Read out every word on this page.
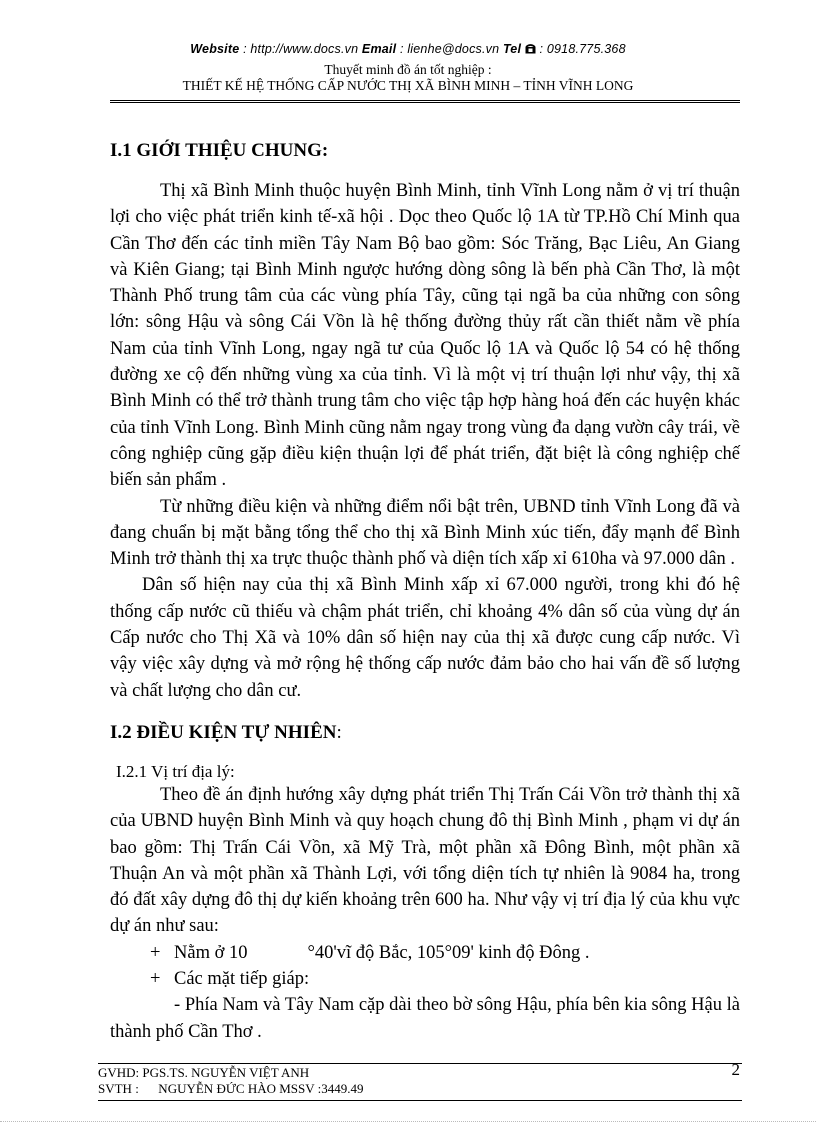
Website : http://www.docs.vn Email : lienhe@docs.vn Tel : 0918.775.368
Thuyết minh đồ án tốt nghiệp :
THIẾT KẾ HỆ THỐNG CẤP NƯỚC THỊ XÃ BÌNH MINH – TỈNH VĨNH LONG

I.1 GIỚI THIỆU CHUNG:

Thị xã Bình Minh thuộc huyện Bình Minh, tỉnh Vĩnh Long nằm ở vị trí thuận lợi cho việc phát triển kinh tế-xã hội . Dọc theo Quốc lộ 1A từ TP.Hồ Chí Minh qua Cần Thơ đến các tỉnh miền Tây Nam Bộ bao gồm: Sóc Trăng, Bạc Liêu, An Giang và Kiên Giang; tại Bình Minh ngược hướng dòng sông là bến phà Cần Thơ, là một Thành Phố trung tâm của các vùng phía Tây, cũng tại ngã ba của những con sông lớn: sông Hậu và sông Cái Vồn là hệ thống đường thủy rất cần thiết nằm về phía Nam của tỉnh Vĩnh Long, ngay ngã tư của Quốc lộ 1A và Quốc lộ 54 có hệ thống đường xe cộ đến những vùng xa của tỉnh. Vì là một vị trí thuận lợi như vậy, thị xã Bình Minh có thể trở thành trung tâm cho việc tập hợp hàng hoá đến các huyện khác của tỉnh Vĩnh Long. Bình Minh cũng nằm ngay trong vùng đa dạng vườn cây trái, về công nghiệp cũng gặp điều kiện thuận lợi để phát triển, đặt biệt là công nghiệp chế biến sản phẩm .

Từ những điều kiện và những điểm nổi bật trên, UBND tỉnh Vĩnh Long đã và đang chuẩn bị mặt bằng tổng thể cho thị xã Bình Minh xúc tiến, đẩy mạnh để Bình Minh trở thành thị xa trực thuộc thành phố và diện tích xấp xỉ 610ha và 97.000 dân .

Dân số hiện nay của thị xã Bình Minh xấp xỉ 67.000 người, trong khi đó hệ thống cấp nước cũ thiếu và chậm phát triển, chỉ khoảng 4% dân số của vùng dự án Cấp nước cho Thị Xã và 10% dân số hiện nay của thị xã được cung cấp nước. Vì vậy việc xây dựng và mở rộng hệ thống cấp nước đảm bảo cho hai vấn đề số lượng và chất lượng cho dân cư.

I.2 ĐIỀU KIỆN TỰ NHIÊN:

I.2.1 Vị trí địa lý:

Theo đề án định hướng xây dựng phát triển Thị Trấn Cái Vồn trở thành thị xã của UBND huyện Bình Minh và quy hoạch chung đô thị Bình Minh , phạm vi dự án bao gồm: Thị Trấn Cái Vồn, xã Mỹ Trà, một phần xã Đông Bình, một phần xã Thuận An và một phần xã Thành Lợi, với tổng diện tích tự nhiên là 9084 ha, trong đó đất xây dựng đô thị dự kiến khoảng trên 600 ha. Như vậy vị trí địa lý của khu vực dự án như sau:

+ Nằm ở 10	°40'vĩ độ Bắc, 105°09' kinh độ Đông .

+ Các mặt tiếp giáp:

- Phía Nam và Tây Nam cặp dài theo bờ sông Hậu, phía bên kia sông Hậu là thành phố Cần Thơ .

GVHD: PGS.TS. NGUYỄN VIỆT ANH
SVTH :      NGUYỄN ĐỨC HÀO MSSV :3449.49
2
